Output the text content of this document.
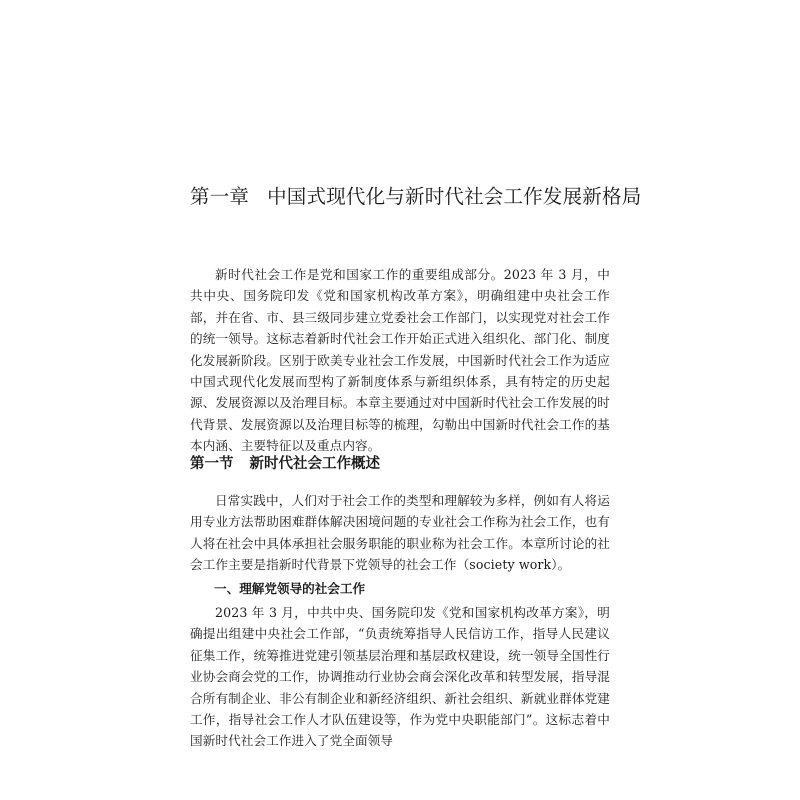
第一章 中国式现代化与新时代社会工作发展新格局

新时代社会工作是党和国家工作的重要组成部分。2023 年 3 月，中共中央、国务院印发《党和国家机构改革方案》，明确组建中央社会工作部，并在省、市、县三级同步建立党委社会工作部门，以实现党对社会工作的统一领导。这标志着新时代社会工作开始正式进入组织化、部门化、制度化发展新阶段。区别于欧美专业社会工作发展，中国新时代社会工作为适应中国式现代化发展而型构了新制度体系与新组织体系，具有特定的历史起源、发展资源以及治理目标。本章主要通过对中国新时代社会工作发展的时代背景、发展资源以及治理目标等的梳理，勾勒出中国新时代社会工作的基本内涵、主要特征以及重点内容。

第一节 新时代社会工作概述

日常实践中，人们对于社会工作的类型和理解较为多样，例如有人将运用专业方法帮助困难群体解决困境问题的专业社会工作称为社会工作，也有人将在社会中具体承担社会服务职能的职业称为社会工作。本章所讨论的社会工作主要是指新时代背景下党领导的社会工作（society work）。

一、理解党领导的社会工作

2023 年 3 月，中共中央、国务院印发《党和国家机构改革方案》，明确提出组建中央社会工作部，“负责统筹指导人民信访工作，指导人民建议征集工作，统筹推进党建引领基层治理和基层政权建设，统一领导全国性行业协会商会党的工作，协调推动行业协会商会深化改革和转型发展，指导混合所有制企业、非公有制企业和新经济组织、新社会组织、新就业群体党建工作，指导社会工作人才队伍建设等，作为党中央职能部门”。这标志着中国新时代社会工作进入了党全面领导
